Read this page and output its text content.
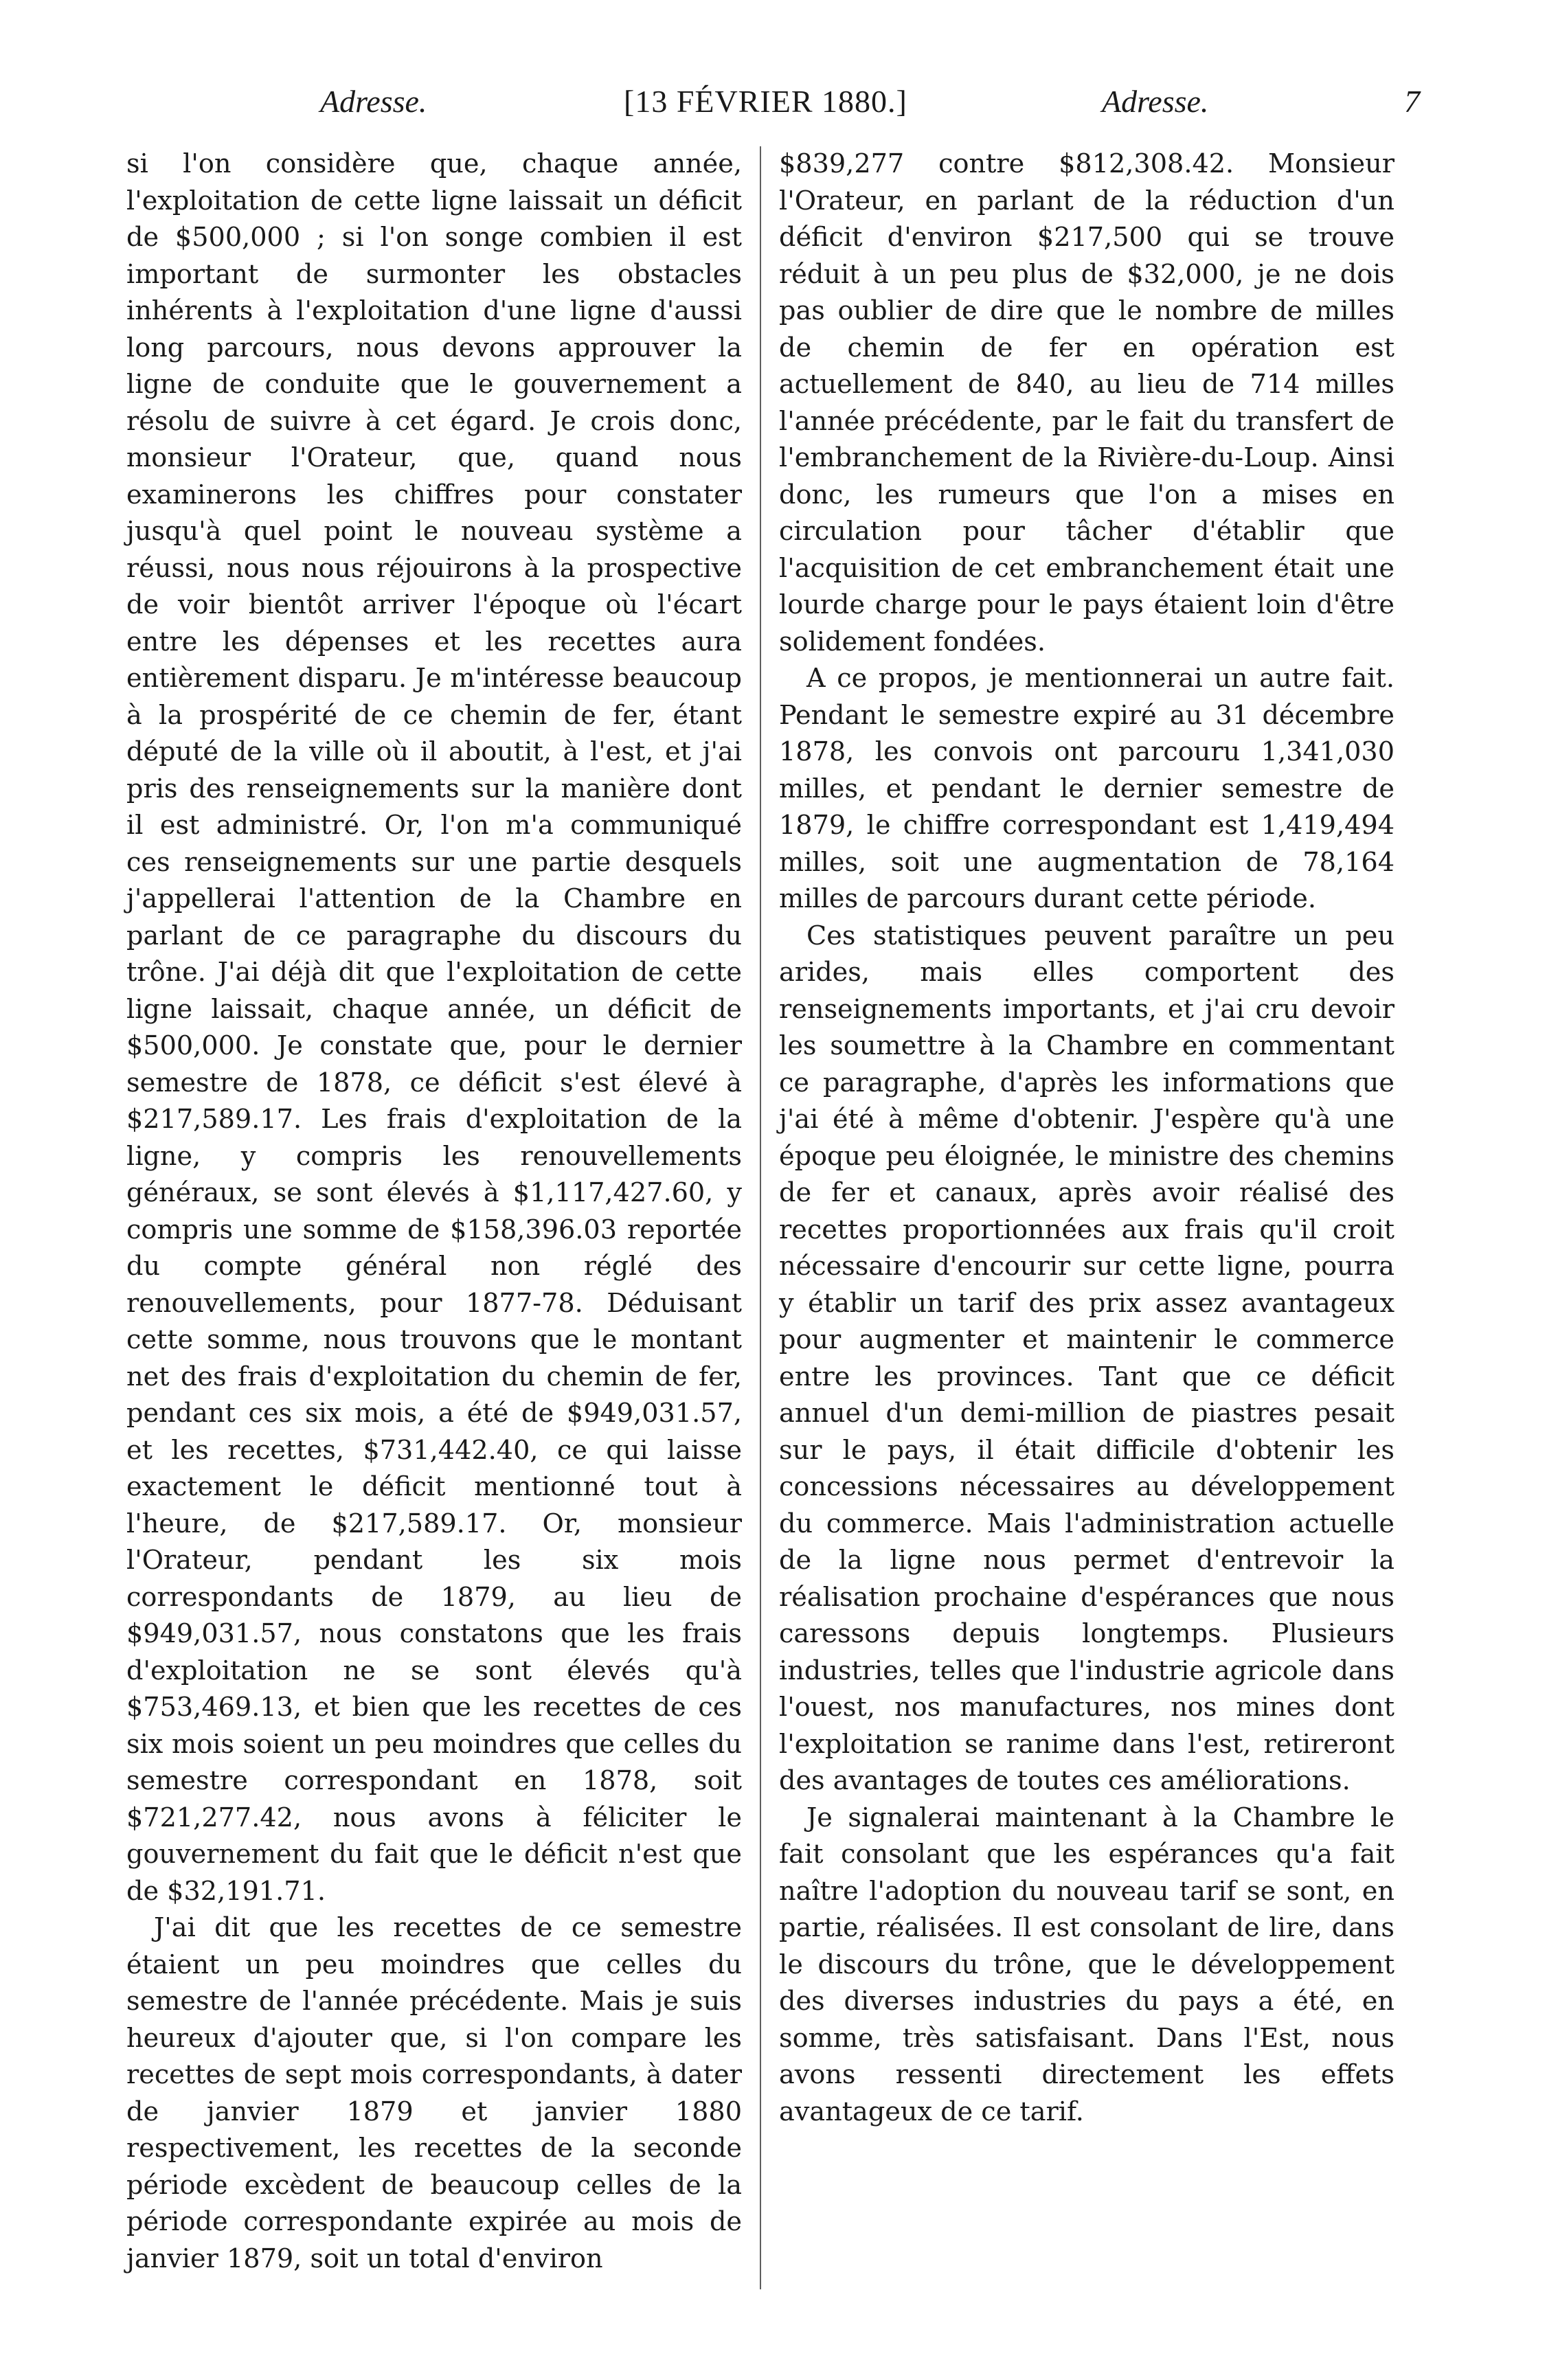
Adresse.	[13 FÉVRIER 1880.]	Adresse.	7

si l'on considère que, chaque année, l'exploitation de cette ligne laissait un déficit de $500,000 ; si l'on songe combien il est important de surmonter les obstacles inhérents à l'exploitation d'une ligne d'aussi long parcours, nous devons approuver la ligne de conduite que le gouvernement a résolu de suivre à cet égard. Je crois donc, monsieur l'Orateur, que, quand nous examinerons les chiffres pour constater jusqu'à quel point le nouveau système a réussi, nous nous réjouirons à la prospective de voir bientôt arriver l'époque où l'écart entre les dépenses et les recettes aura entièrement disparu. Je m'intéresse beaucoup à la prospérité de ce chemin de fer, étant député de la ville où il aboutit, à l'est, et j'ai pris des renseignements sur la manière dont il est administré. Or, l'on m'a communiqué ces renseignements sur une partie desquels j'appellerai l'attention de la Chambre en parlant de ce paragraphe du discours du trône. J'ai déjà dit que l'exploitation de cette ligne laissait, chaque année, un déficit de $500,000. Je constate que, pour le dernier semestre de 1878, ce déficit s'est élevé à $217,589.17. Les frais d'exploitation de la ligne, y compris les renouvellements généraux, se sont élevés à $1,117,427.60, y compris une somme de $158,396.03 reportée du compte général non réglé des renouvellements, pour 1877-78. Déduisant cette somme, nous trouvons que le montant net des frais d'exploitation du chemin de fer, pendant ces six mois, a été de $949,031.57, et les recettes, $731,442.40, ce qui laisse exactement le déficit mentionné tout à l'heure, de $217,589.17. Or, monsieur l'Orateur, pendant les six mois correspondants de 1879, au lieu de $949,031.57, nous constatons que les frais d'exploitation ne se sont élevés qu'à $753,469.13, et bien que les recettes de ces six mois soient un peu moindres que celles du semestre correspondant en 1878, soit $721,277.42, nous avons à féliciter le gouvernement du fait que le déficit n'est que de $32,191.71.

J'ai dit que les recettes de ce semestre étaient un peu moindres que celles du semestre de l'année précédente. Mais je suis heureux d'ajouter que, si l'on compare les recettes de sept mois correspondants, à dater de janvier 1879 et janvier 1880 respectivement, les recettes de la seconde période excèdent de beaucoup celles de la période correspondante expirée au mois de janvier 1879, soit un total d'environ

$839,277 contre $812,308.42. Monsieur l'Orateur, en parlant de la réduction d'un déficit d'environ $217,500 qui se trouve réduit à un peu plus de $32,000, je ne dois pas oublier de dire que le nombre de milles de chemin de fer en opération est actuellement de 840, au lieu de 714 milles l'année précédente, par le fait du transfert de l'embranchement de la Rivière-du-Loup. Ainsi donc, les rumeurs que l'on a mises en circulation pour tâcher d'établir que l'acquisition de cet embranchement était une lourde charge pour le pays étaient loin d'être solidement fondées.

A ce propos, je mentionnerai un autre fait. Pendant le semestre expiré au 31 décembre 1878, les convois ont parcouru 1,341,030 milles, et pendant le dernier semestre de 1879, le chiffre correspondant est 1,419,494 milles, soit une augmentation de 78,164 milles de parcours durant cette période.

Ces statistiques peuvent paraître un peu arides, mais elles comportent des renseignements importants, et j'ai cru devoir les soumettre à la Chambre en commentant ce paragraphe, d'après les informations que j'ai été à même d'obtenir. J'espère qu'à une époque peu éloignée, le ministre des chemins de fer et canaux, après avoir réalisé des recettes proportionnées aux frais qu'il croit nécessaire d'encourir sur cette ligne, pourra y établir un tarif des prix assez avantageux pour augmenter et maintenir le commerce entre les provinces. Tant que ce déficit annuel d'un demi-million de piastres pesait sur le pays, il était difficile d'obtenir les concessions nécessaires au développement du commerce. Mais l'administration actuelle de la ligne nous permet d'entrevoir la réalisation prochaine d'espérances que nous caressons depuis longtemps. Plusieurs industries, telles que l'industrie agricole dans l'ouest, nos manufactures, nos mines dont l'exploitation se ranime dans l'est, retireront des avantages de toutes ces améliorations.

Je signalerai maintenant à la Chambre le fait consolant que les espérances qu'a fait naître l'adoption du nouveau tarif se sont, en partie, réalisées. Il est consolant de lire, dans le discours du trône, que le développement des diverses industries du pays a été, en somme, très satisfaisant. Dans l'Est, nous avons ressenti directement les effets avantageux de ce tarif.
